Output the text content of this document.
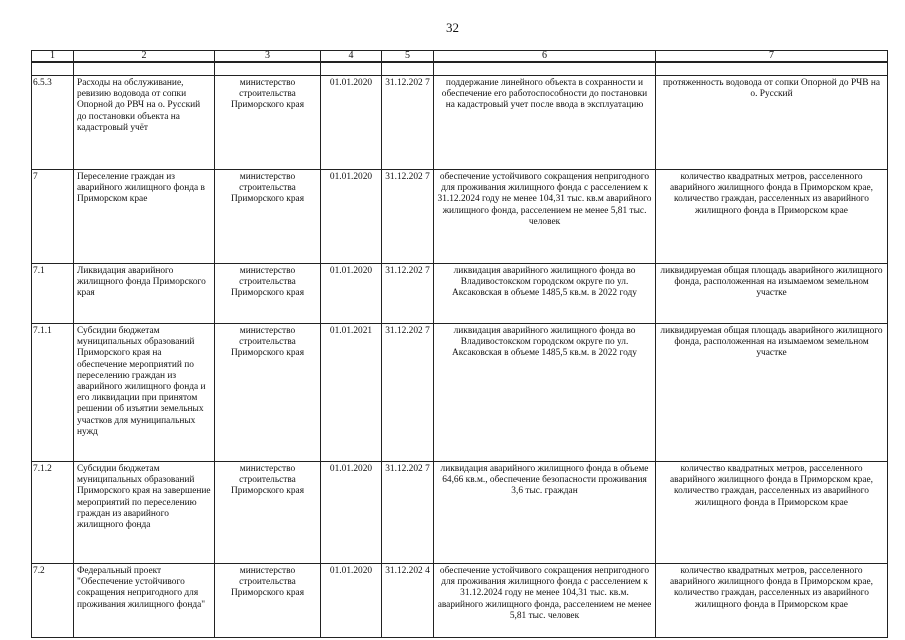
32
1	2	3	4	5	6	7

6.5.3	Расходы на обслуживание, ревизию водовода от сопки Опорной до РВЧ на о. Русский до постановки объекта на кадастровый учёт	министерство строительства Приморского края	01.01.2020	31.12.202 7	поддержание линейного объекта в сохранности и обеспечение его работоспособности до постановки на кадастровый учет после ввода в эксплуатацию	протяженность водовода от сопки Опорной до РЧВ на о. Русский
7	Переселение граждан из аварийного жилищного фонда в Приморском крае	министерство строительства Приморского края	01.01.2020	31.12.202 7	обеспечение устойчивого сокращения непригодного для проживания жилищного фонда с расселением к 31.12.2024 году не менее 104,31 тыс. кв.м аварийного жилищного фонда, расселением не менее 5,81 тыс. человек	количество квадратных метров, расселенного аварийного жилищного фонда в Приморском крае, количество граждан, расселенных из аварийного жилищного фонда в Приморском крае
7.1	Ликвидация аварийного жилищного фонда Приморского края	министерство строительства Приморского края	01.01.2020	31.12.202 7	ликвидация аварийного жилищного фонда во Владивостокском городском округе по ул. Аксаковская в объеме 1485,5 кв.м. в 2022 году	ликвидируемая общая площадь аварийного жилищного фонда, расположенная на изымаемом земельном участке
7.1.1	Субсидии бюджетам муниципальных образований Приморского края на обеспечение мероприятий по переселению граждан из аварийного жилищного фонда и его ликвидации при принятом решении об изъятии земельных участков для муниципальных нужд	министерство строительства Приморского края	01.01.2021	31.12.202 7	ликвидация аварийного жилищного фонда во Владивостокском городском округе по ул. Аксаковская в объеме 1485,5 кв.м. в 2022 году	ликвидируемая общая площадь аварийного жилищного фонда, расположенная на изымаемом земельном участке
7.1.2	Субсидии бюджетам муниципальных образований Приморского края на завершение мероприятий по переселению граждан из аварийного жилищного фонда	министерство строительства Приморского края	01.01.2020	31.12.202 7	ликвидация аварийного жилищного фонда в объеме 64,66 кв.м., обеспечение безопасности проживания 3,6 тыс. граждан	количество квадратных метров, расселенного аварийного жилищного фонда в Приморском крае, количество граждан, расселенных из аварийного жилищного фонда в Приморском крае
7.2	Федеральный проект "Обеспечение устойчивого сокращения непригодного для проживания жилищного фонда"	министерство строительства Приморского края	01.01.2020	31.12.202 4	обеспечение устойчивого сокращения непригодного для проживания жилищного фонда с расселением к 31.12.2024 году не менее 104,31 тыс. кв.м. аварийного жилищного фонда, расселением не менее 5,81 тыс. человек	количество квадратных метров, расселенного аварийного жилищного фонда в Приморском крае, количество граждан, расселенных из аварийного жилищного фонда в Приморском крае
